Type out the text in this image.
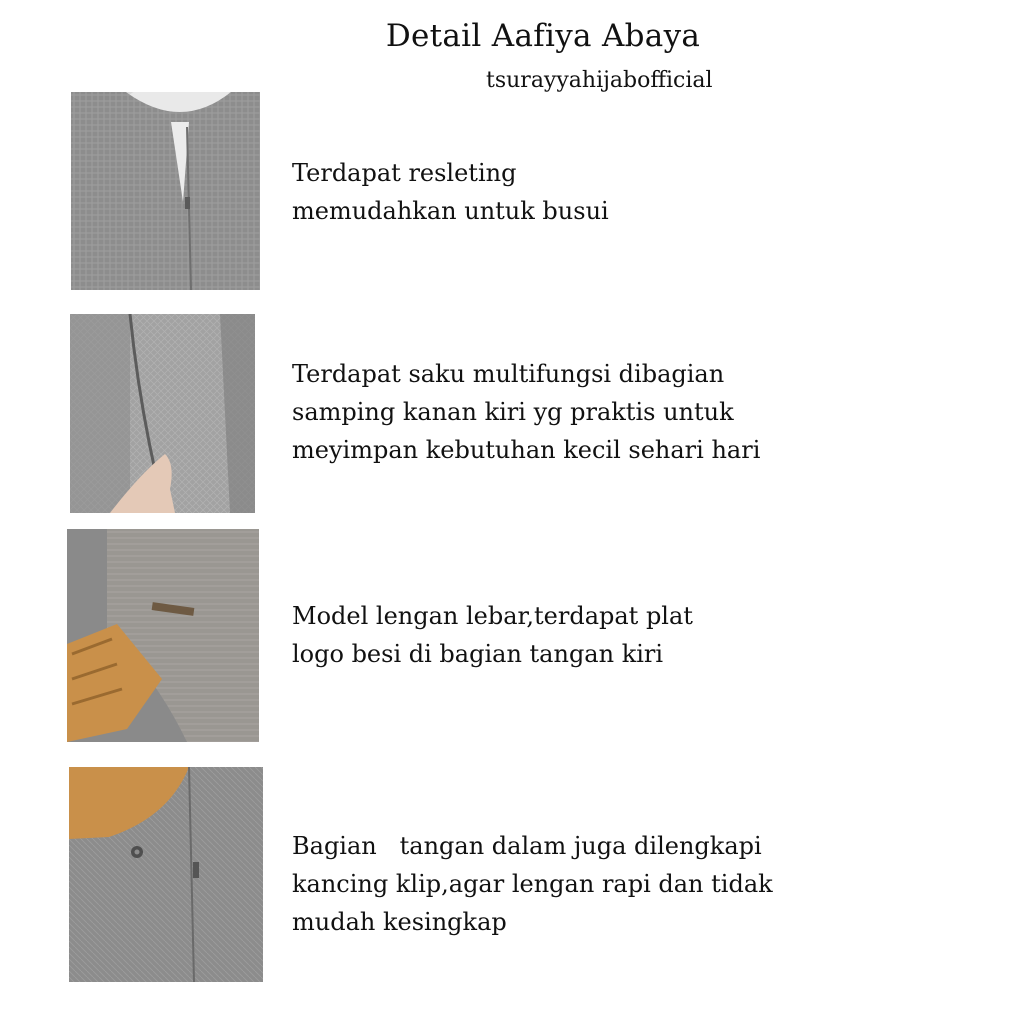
Detail Aafiya Abaya
tsurayyahijabofficial
Terdapat resleting
memudahkan untuk busui
Terdapat saku multifungsi dibagian
samping kanan kiri yg praktis untuk
meyimpan kebutuhan kecil sehari hari
Model lengan lebar,terdapat plat
logo besi di bagian tangan kiri
Bagian   tangan dalam juga dilengkapi
kancing klip,agar lengan rapi dan tidak
mudah kesingkap
